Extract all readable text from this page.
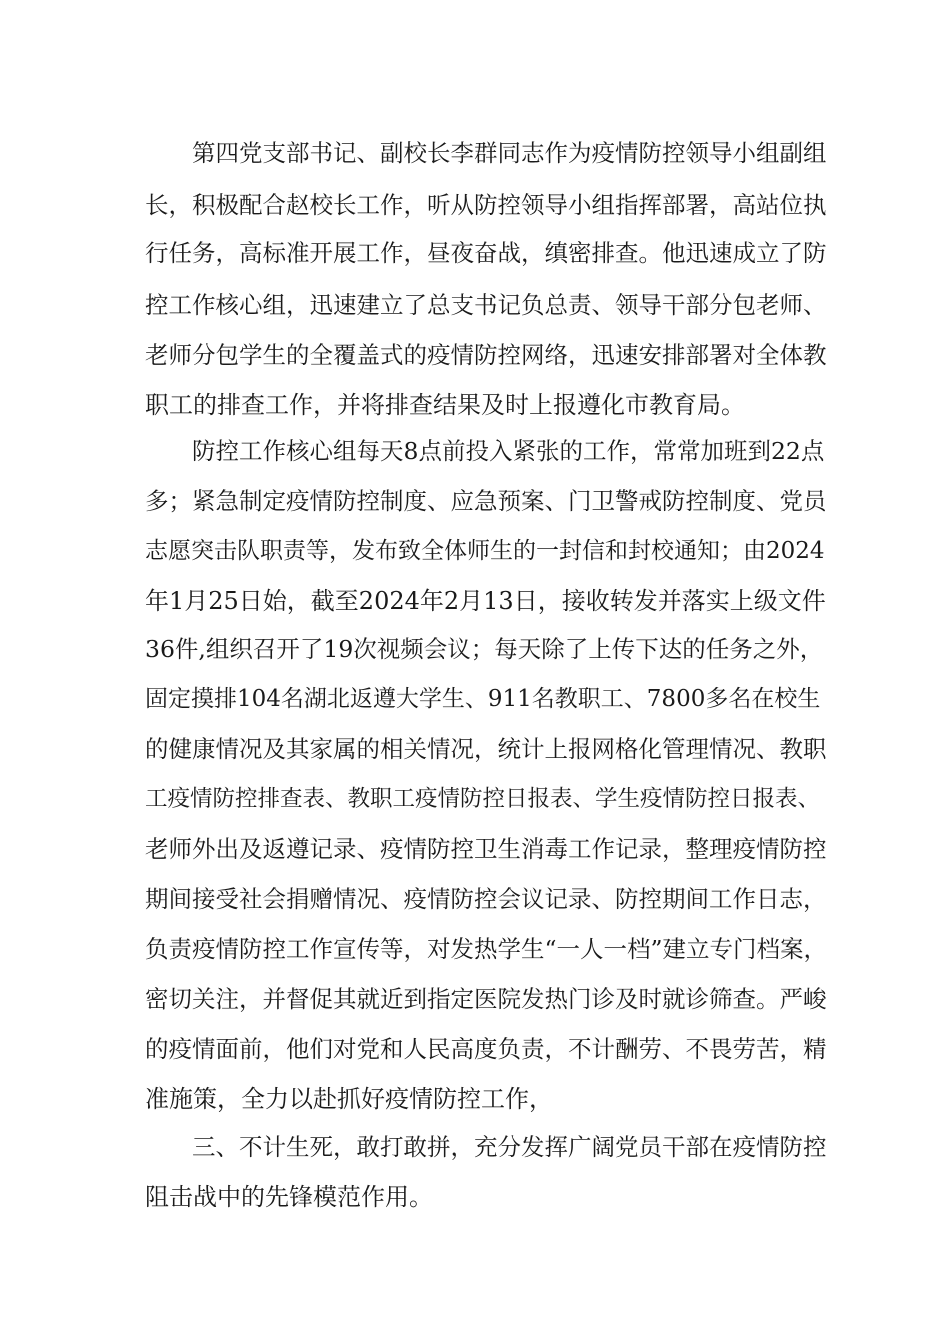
第四党支部书记、副校长李群同志作为疫情防控领导小组副组

长，积极配合赵校长工作，听从防控领导小组指挥部署，高站位执

行任务，高标准开展工作，昼夜奋战，缜密排查。他迅速成立了防

控工作核心组，迅速建立了总支书记负总责、领导干部分包老师、

老师分包学生的全覆盖式的疫情防控网络，迅速安排部署对全体教

职工的排查工作，并将排查结果及时上报遵化市教育局。

防控工作核心组每天8点前投入紧张的工作，常常加班到22点

多；紧急制定疫情防控制度、应急预案、门卫警戒防控制度、党员

志愿突击队职责等，发布致全体师生的一封信和封校通知；由2024

年1月25日始，截至2024年2月13日，接收转发并落实上级文件

36件,组织召开了19次视频会议；每天除了上传下达的任务之外，

固定摸排104名湖北返遵大学生、911名教职工、7800多名在校生

的健康情况及其家属的相关情况，统计上报网格化管理情况、教职

工疫情防控排查表、教职工疫情防控日报表、学生疫情防控日报表、

老师外出及返遵记录、疫情防控卫生消毒工作记录，整理疫情防控

期间接受社会捐赠情况、疫情防控会议记录、防控期间工作日志，

负责疫情防控工作宣传等，对发热学生“一人一档”建立专门档案，

密切关注，并督促其就近到指定医院发热门诊及时就诊筛查。严峻

的疫情面前，他们对党和人民高度负责，不计酬劳、不畏劳苦，精

准施策，全力以赴抓好疫情防控工作，

三、不计生死，敢打敢拼，充分发挥广阔党员干部在疫情防控

阻击战中的先锋模范作用。
